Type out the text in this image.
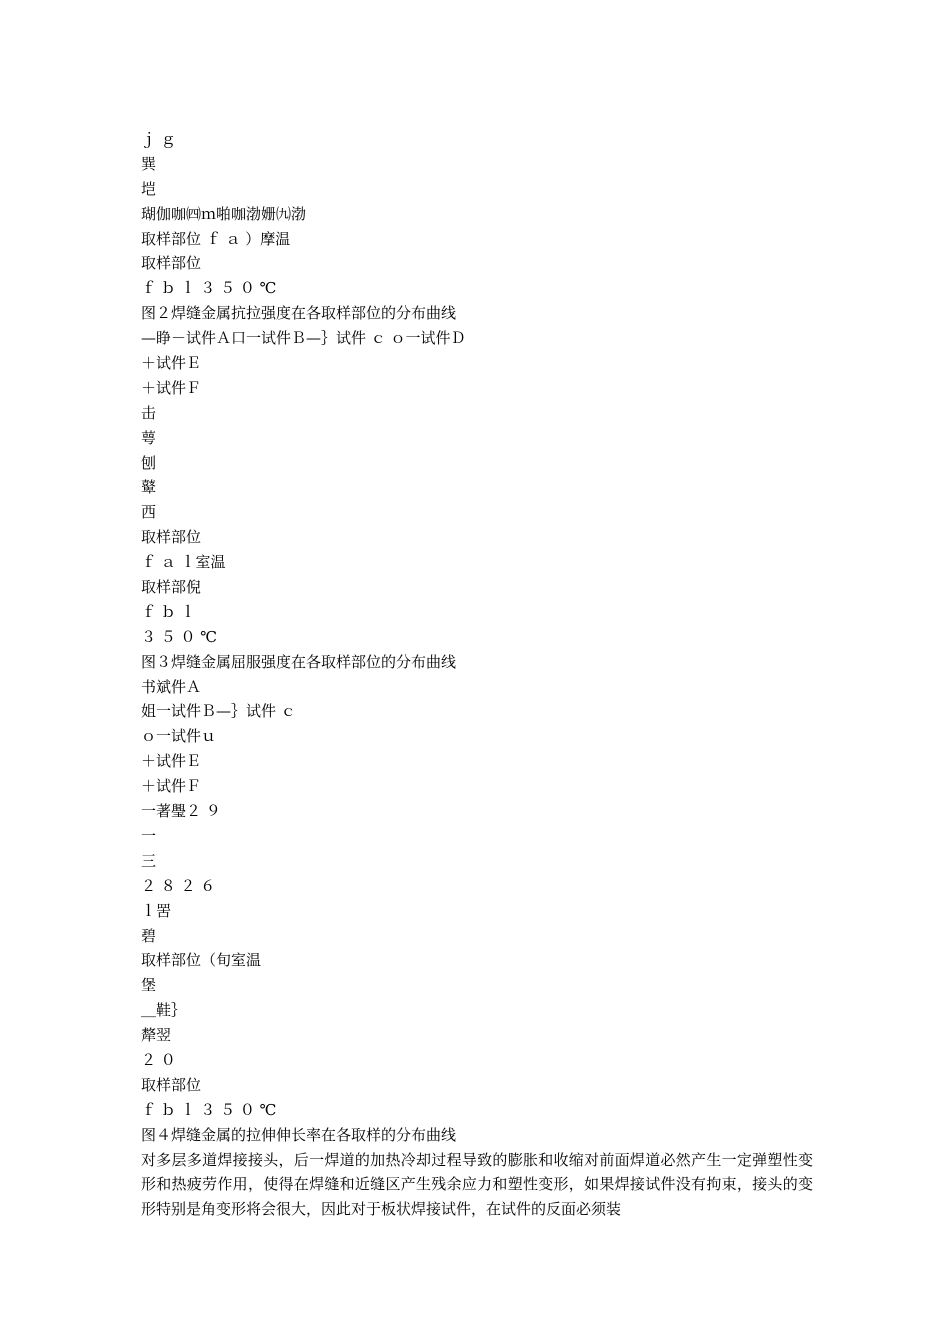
ｊ ｇ
巽
垲
瑚伽咖㈣ｍ啪咖渤姗㈨渤
取样部位 ｆ ａ ）摩温
取样部位
ｆ ｂ ｌ ３ ５ ０ ℃
图２焊缝金属抗拉强度在各取样部位的分布曲线
—睁－试件Ａ口一试件Ｂ—｝试件 ｃ ｏ一试件Ｄ
＋试件Ｅ
＋试件Ｆ
击
萼
刨
鼙
西
取样部位
ｆ ａ ｌ室温
取样部倪
ｆ ｂ ｌ
３ ５ ０ ℃
图３焊缝金属屈服强度在各取样部位的分布曲线
书斌件Ａ
姐一试件Ｂ—｝试件 ｃ
ｏ一试件ｕ
＋试件Ｅ
＋试件Ｆ
一著璺２ ９
一
三
２ ８ ２ ６
ｌ罟
碧
取样部位（旬室温
堡
＿鞋｝
犛翌
２ ０
取样部位
ｆ ｂ ｌ ３ ５ ０ ℃
图４焊缝金属的拉伸伸长率在各取样的分布曲线

对多层多道焊接接头，后一焊道的加热冷却过程导致的膨胀和收缩对前面焊道必然产生一定弹塑性变形和热疲劳作用，使得在焊缝和近缝区产生残余应力和塑性变形，如果焊接试件没有拘束，接头的变形特别是角变形将会很大，因此对于板状焊接试件，在试件的反面必须装
